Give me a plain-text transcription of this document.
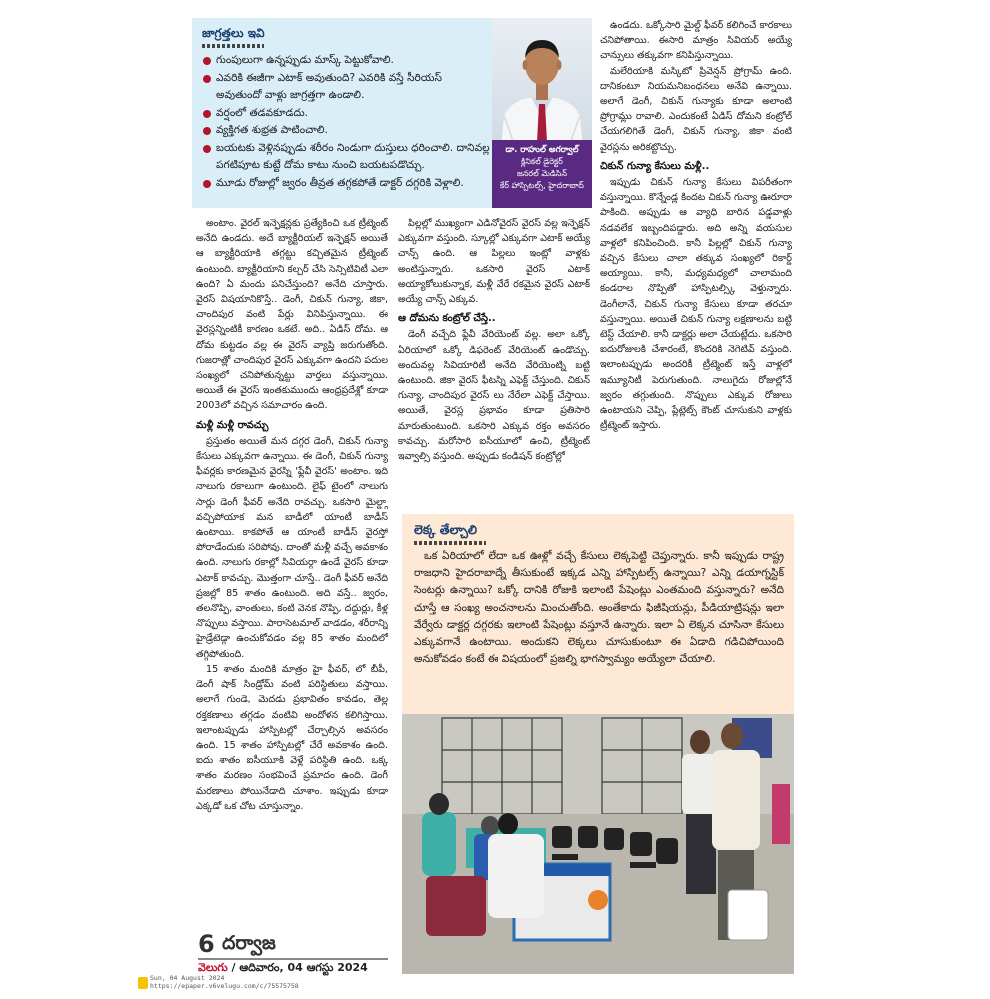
జాగ్రత్తలు ఇవి
గుంపులుగా ఉన్నప్పుడు మాస్క్ పెట్టుకోవాలి.
ఎవరికి ఈజీగా ఎటాక్ అవుతుంది? ఎవరికి వస్తే సీరియస్ అవుతుందో వాళ్లు జాగ్రత్తగా ఉండాలి.
వర్షంలో తడవకూడదు.
వ్యక్తిగత శుభ్రత పాటించాలి.
బయటకు వెళ్లినప్పుడు శరీరం నిండుగా దుస్తులు ధరించాలి. దానివల్ల పగటిపూట కుట్టే దోమ కాటు నుంచి బయటపడొచ్చు.
మూడు రోజుల్లో జ్వరం తీవ్రత తగ్గకపోతే డాక్టర్ దగ్గరికి వెళ్లాలి.
డా. రాహుల్ అగర్వాల్
క్లినికల్ డైరెక్టర్
జనరల్ మెడిసిన్
కేర్ హాస్పిటల్స్, హైదరాబాద్

అంటాం. వైరల్ ఇన్ఫెక్షన్లకు ప్రత్యేకించి ఒక ట్రీట్మెంట్ అనేది ఉండదు. అదే బ్యాక్టీరియల్ ఇన్ఫెక్షన్ అయితే ఆ బ్యాక్టీరియాకి తగ్గట్టు కచ్చితమైన ట్రీట్మెంట్ ఉంటుంది. బ్యాక్టీరియాని కల్చర్ చేసి సెన్సిటివిటీ ఎలా ఉంది? ఏ మందు పనిచేస్తుంది? అనేది చూస్తారు. వైరస్ విషయానికొస్తే.. డెంగీ, చికున్ గున్యా, జికా, చాందిపుర వంటి పేర్లు వినిపిస్తున్నాయి. ఈ వైరస్లన్నింటికీ కారణం ఒకటే. అది.. ఏడిస్ దోమ. ఆ దోమ కుట్టడం వల్ల ఈ వైరస్ వ్యాప్తి జరుగుతోంది. గుజరాత్లో చాందిపుర వైరస్ ఎక్కువగా ఉందని పదుల సంఖ్యలో చనిపోతున్నట్టు వార్తలు వస్తున్నాయి. అయితే ఈ వైరస్ ఇంతకుముందు ఆంధ్రప్రదేశ్లో కూడా 2003లో వచ్చిన సమాచారం ఉంది.

మళ్లీ మళ్లీ రావచ్చు

ప్రస్తుతం అయితే మన దగ్గర డెంగీ, చికున్ గున్యా కేసులు ఎక్కువగా ఉన్నాయి. ఈ డెంగీ, చికున్ గున్యా ఫీవర్లకు కారణమైన వైరస్ని 'ఫ్లేవీ వైరస్' అంటాం. ఇది నాలుగు రకాలుగా ఉంటుంది. లైఫ్ టైంలో నాలుగు సార్లు డెంగీ ఫీవర్ అనేది రావచ్చు. ఒకసారి మైల్డ్గా వచ్చిపోయాక మన బాడీలో యాంటీ బాడీస్ ఉంటాయి. కాకపోతే ఆ యాంటీ బాడీస్ వైరస్తో పోరాడేందుకు సరిపోవు. దాంతో మళ్లీ వచ్చే అవకాశం ఉంది. నాలుగు రకాల్లో సివియర్గా ఉండే వైరస్ కూడా ఎటాక్ కావచ్చు. మొత్తంగా చూస్తే.. డెంగీ ఫీవర్ అనేది ప్రజల్లో 85 శాతం ఉంటుంది. అది వస్తే.. జ్వరం, తలనొప్పి, వాంతులు, కంటి వెనక నొప్పి, దద్దుర్లు, కీళ్ల నొప్పులు వస్తాయి. పారాసెటమాల్ వాడడం, శరీరాన్ని హైడ్రేటెడ్గా ఉంచుకోవడం వల్ల 85 శాతం మందిలో తగ్గిపోతుంది.

15 శాతం మందికి మాత్రం హై ఫీవర్, లో బీపీ, డెంగీ షాక్ సిండ్రోమ్ వంటి పరిస్థితులు వస్తాయి. అలాగే గుండె, మెదడు ప్రభావితం కావడం, తెల్ల రక్తకణాలు తగ్గడం వంటివి అందోళన కలిగిస్తాయి. ఇలాంటప్పుడు హాస్పిటల్లో చేర్చాల్సిన అవసరం ఉంది. 15 శాతం హాస్పిటల్లో చేరే అవకాశం ఉంది. ఐదు శాతం ఐసీయూకి వెళ్లే పరిస్థితి ఉంది. ఒక్క శాతం మరణం సంభవించే ప్రమాదం ఉంది. డెంగీ మరణాలు పోయినేడాది చూశాం. ఇప్పుడు కూడా ఎక్కడో ఒక చోట చూస్తున్నాం.

పిల్లల్లో ముఖ్యంగా ఎడినోవైరస్ వైరస్ వల్ల ఇన్ఫెక్షన్ ఎక్కువగా వస్తుంది. స్కూల్లో ఎక్కువగా ఎటాక్ అయ్యే చాన్స్ ఉంది. ఆ పిల్లలు ఇంట్లో వాళ్లకు అంటిస్తున్నారు. ఒకసారి వైరస్ ఎటాక్ అయ్యాకోలుకున్నాక, మళ్లీ వేరే రకమైన వైరస్ ఎటాక్ అయ్యే చాన్స్ ఎక్కువ.

ఆ దోమను కంట్రోల్ చేస్తే..

డెంగీ వచ్చేది ఫ్లేవీ వేరియెంట్ వల్ల. అలా ఒక్కో ఏరియాలో ఒక్కో డిఫరెంట్ వేరియెంట్ ఉండొచ్చు. అందువల్ల సివియారిటీ అనేది వేరియెంట్ని బట్టి ఉంటుంది. జికా వైరస్ ఫీటస్ని ఎఫెక్ట్ చేస్తుంది. చికున్ గున్యా, చాందిపుర వైరస్ లు నేరేలా ఎఫెక్ట్ చేస్తాయి. అయితే, వైరస్ల ప్రభావం కూడా ప్రతిసారి మారుతుంటుంది. ఒకసారి ఎక్కువ రక్తం అవసరం కావచ్చు. మరోసారి ఐసీయూలో ఉంచి, ట్రీట్మెంట్ ఇవ్వాల్సి వస్తుంది. అప్పుడు కండిషన్ కంట్రోల్లో

ఉండదు. ఒక్కోసారి మైల్డ్ ఫీవర్ కలిగించే కారకాలు చనిపోతాయి. ఈసారి మాత్రం సివియర్ అయ్యే చాన్సులు తక్కువగా కనిపిస్తున్నాయి.

మలేరియాకి మస్కిటో ప్రివెన్షన్ ప్రోగ్రామ్ ఉంది. దానికంటూ నియమనిబంధనలు అనేవి ఉన్నాయి. అలాగే డెంగీ, చికున్ గున్యాకు కూడా అలాంటి ప్రోగ్రామ్లు రావాలి. ఎందుకంటే ఏడిస్ దోమని కంట్రోల్ చేయగలిగితే డెంగీ, చికున్ గున్యా, జికా వంటి వైరస్లను అరికట్టొచ్చు.

చికున్ గున్యా కేసులు మళ్లీ..

ఇప్పుడు చికున్ గున్యా కేసులు విపరీతంగా వస్తున్నాయి. కొన్నేండ్ల కిందట చికున్ గున్యా ఊరూరా పాకింది. అప్పుడు ఆ వ్యాధి బారిన పడ్డవాళ్లు నడవలేక ఇబ్బందిపడ్డారు. అది అన్ని వయసుల వాళ్లలో కనిపించింది. కానీ పిల్లల్లో చికున్ గున్యా వచ్చిన కేసులు చాలా తక్కువ సంఖ్యలో రికార్డ్ అయ్యాయి. కానీ, మధ్యమధ్యలో చాలామంది కండరాల నొప్పితో హాస్పిటల్స్కి వెళ్తున్నారు. డెంగీలానే, చికున్ గున్యా కేసులు కూడా తరచూ వస్తున్నాయి. అయితే చికున్ గున్యా లక్షణాలను బట్టి టెస్ట్ చేయాలి. కానీ డాక్టర్లు అలా చేయట్లేదు. ఒకసారి ఐదురోజులకి చేశారంటే, కొందరికి నెగెటివ్ వస్తుంది. ఇలాంటప్పుడు అందరికీ ట్రీట్మెంట్ ఇస్తే వాళ్లలో ఇమ్యూనిటీ పెరుగుతుంది. నాలుగైదు రోజుల్లోనే జ్వరం తగ్గుతుంది. నొప్పులు ఎక్కువ రోజులు ఉంటాయని చెప్పి, ప్లేట్లెట్స్ కౌంట్ చూసుకుని వాళ్లకు ట్రీట్మెంట్ ఇస్తారు.

లెక్క తేల్చాలి

ఒక ఏరియాలో లేదా ఒక ఊళ్లో వచ్చే కేసులు లెక్కపెట్టి చెప్తున్నారు. కానీ ఇప్పుడు రాష్ట్ర రాజధాని హైదరాబాద్నే తీసుకుంటే ఇక్కడ ఎన్ని హాస్పిటల్స్ ఉన్నాయి? ఎన్ని డయాగ్నస్టిక్ సెంటర్లు ఉన్నాయి? ఒక్కో దానికి రోజుకి ఇలాంటి పేషెంట్లు ఎంతమంది వస్తున్నారు? అనేది చూస్తే ఆ సంఖ్య అంచనాలను మించుతోంది. అంతేకాదు ఫిజీషియన్లు, పీడియాట్రిషన్లు ఇలా వేర్వేరు డాక్టర్ల దగ్గరకు ఇలాంటి పేషెంట్లు వస్తూనే ఉన్నారు. ఇలా ఏ లెక్కన చూసినా కేసులు ఎక్కువగానే ఉంటాయి. అందుకని లెక్కలు చూసుకుంటూ ఈ ఏడాది గడిచిపోయింది అనుకోవడం కంటే ఈ విషయంలో ప్రజల్ని భాగస్వామ్యం అయ్యేలా చేయాలి.

6 దర్వాజ
వెలుగు / ఆదివారం, 04 ఆగస్టు 2024
Sun, 04 August 2024
https://epaper.v6velugu.com/c/75575758
